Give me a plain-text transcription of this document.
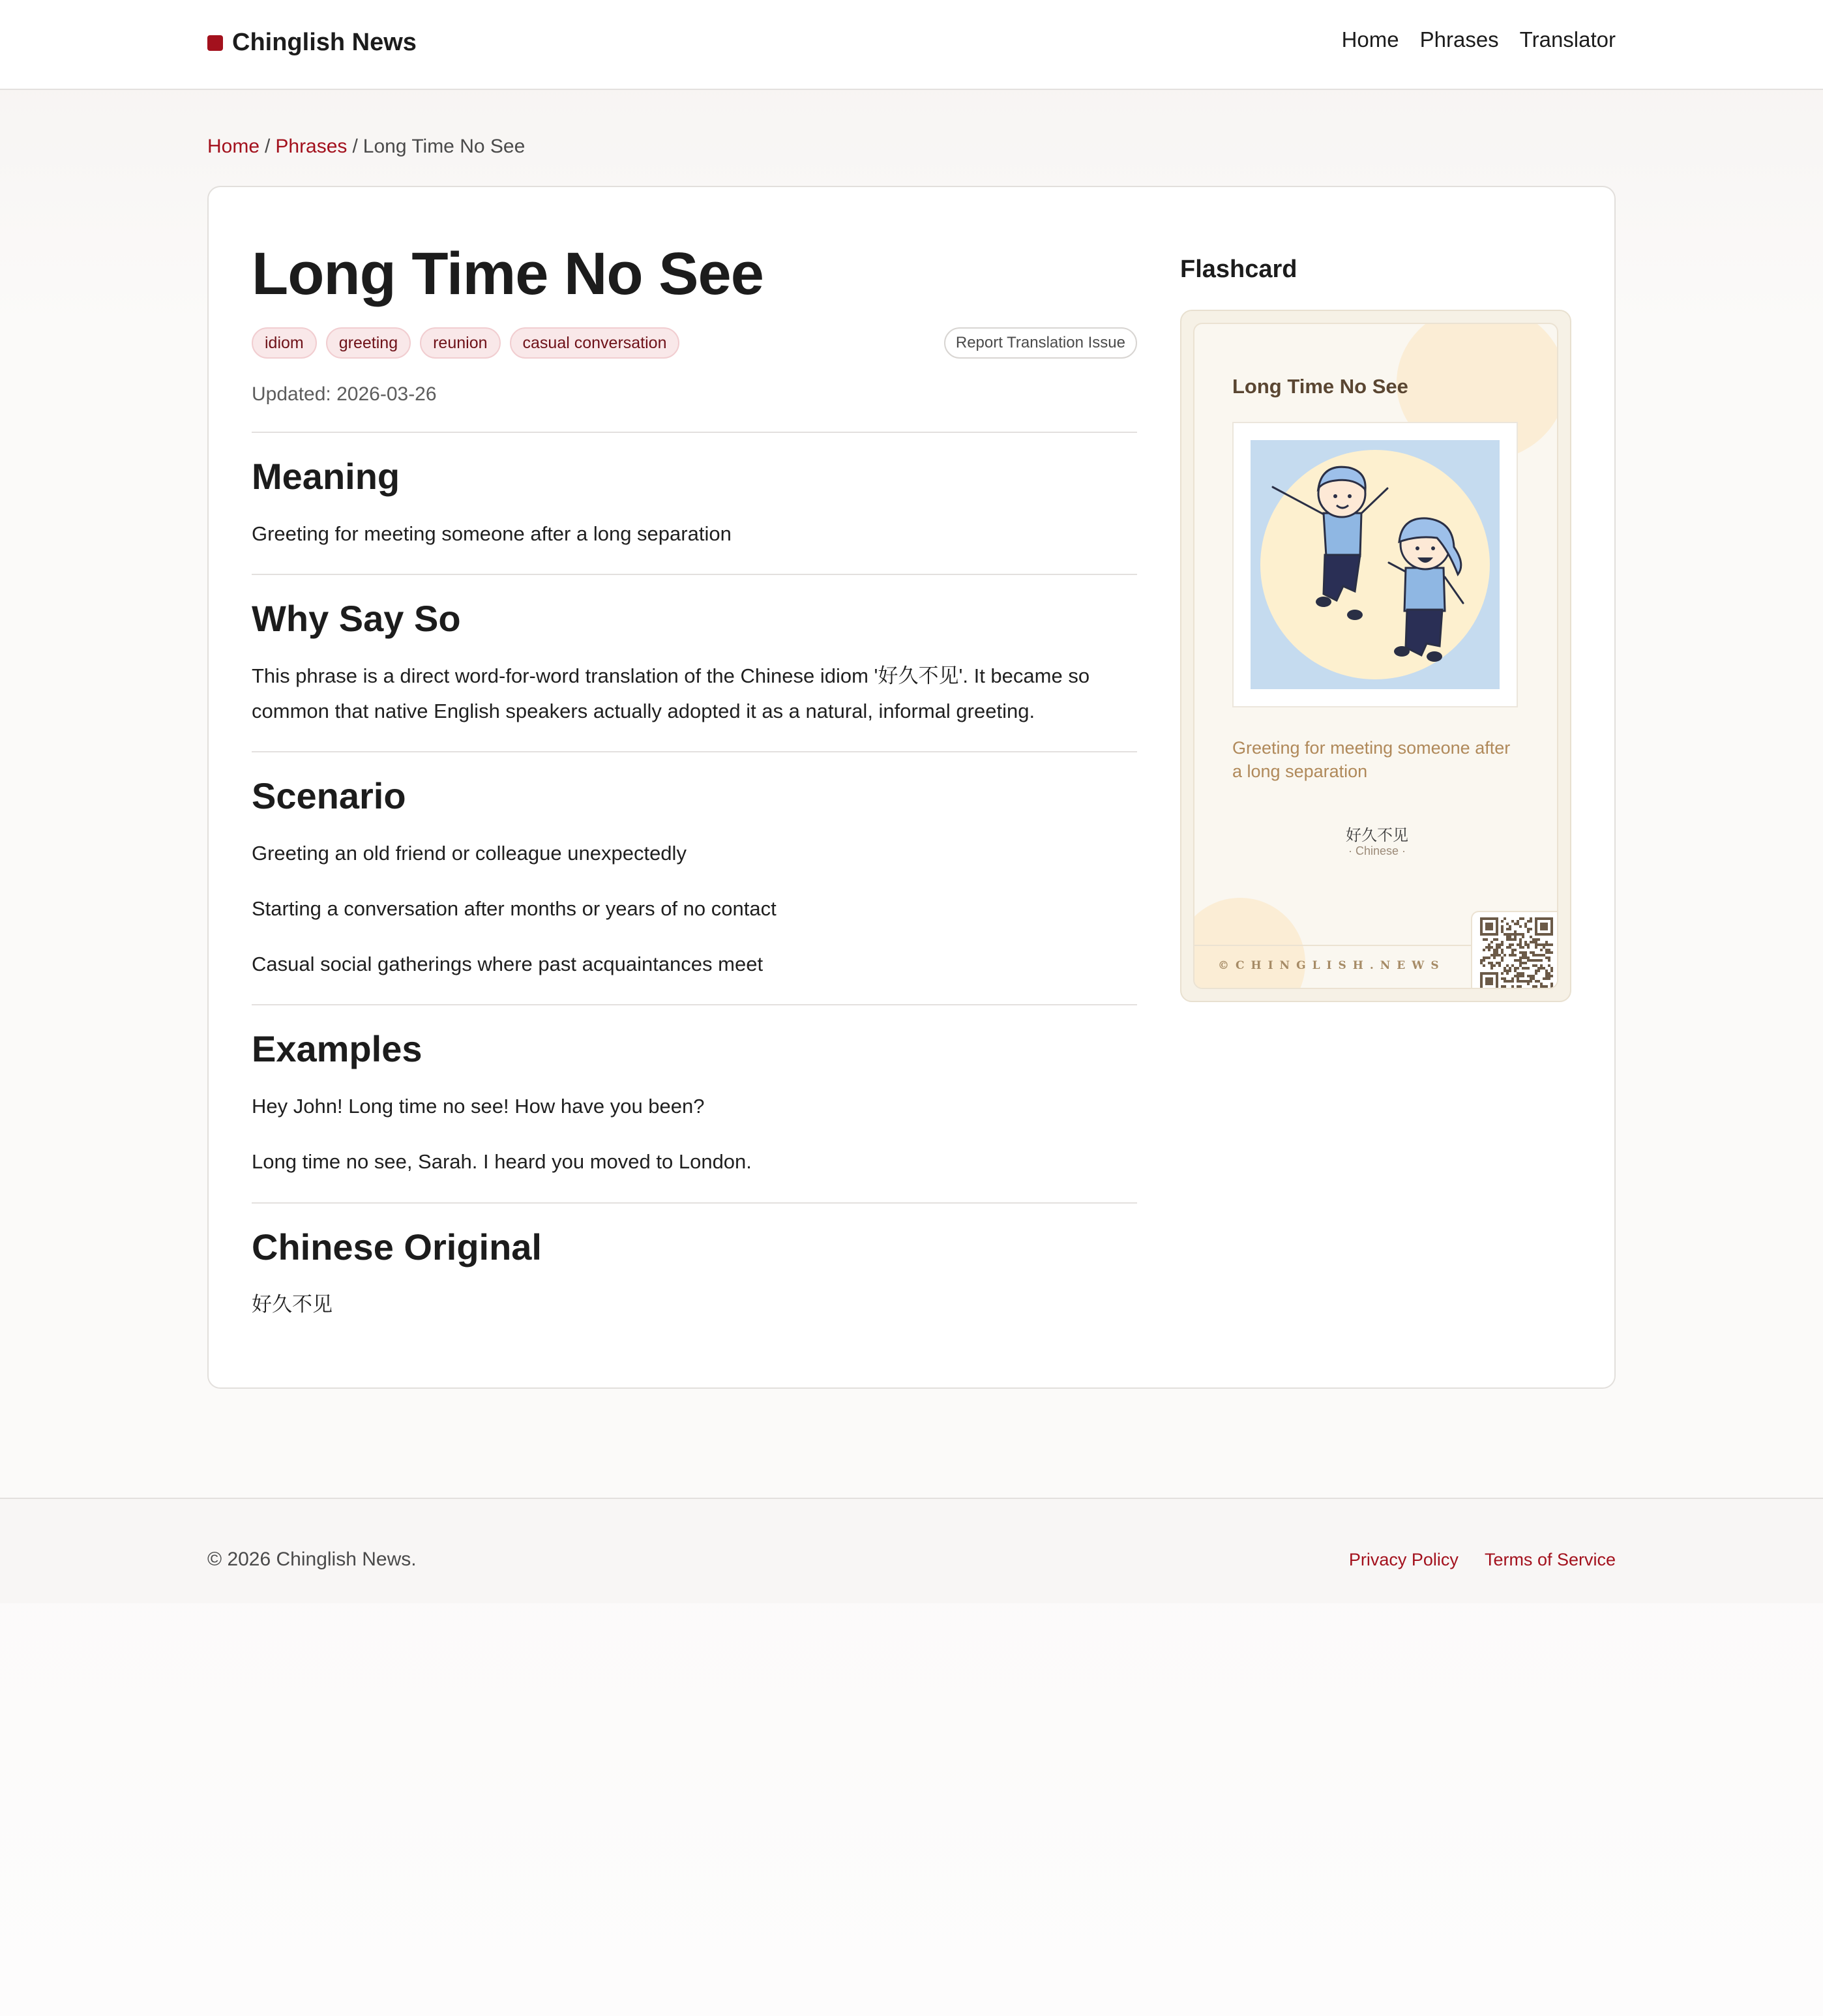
Chinglish News	Home Phrases Translator
Home / Phrases / Long Time No See
Long Time No See
idiom	greeting	reunion	casual conversation	Report Translation Issue
Updated: 2026-03-26
Meaning

Greeting for meeting someone after a long separation

Why Say So

This phrase is a direct word-for-word translation of the Chinese idiom '好久不见'. It became so common that native English speakers actually adopted it as a natural, informal greeting.

Scenario

Greeting an old friend or colleague unexpectedly

Starting a conversation after months or years of no contact

Casual social gatherings where past acquaintances meet

Examples

Hey John! Long time no see! How have you been?

Long time no see, Sarah. I heard you moved to London.

Chinese Original

好久不见

Flashcard
Long Time No See
Greeting for meeting someone after a long separation
好久不见
· Chinese ·
©CHINGLISH.NEWS
© 2026 Chinglish News.	Privacy Policy Terms of Service
